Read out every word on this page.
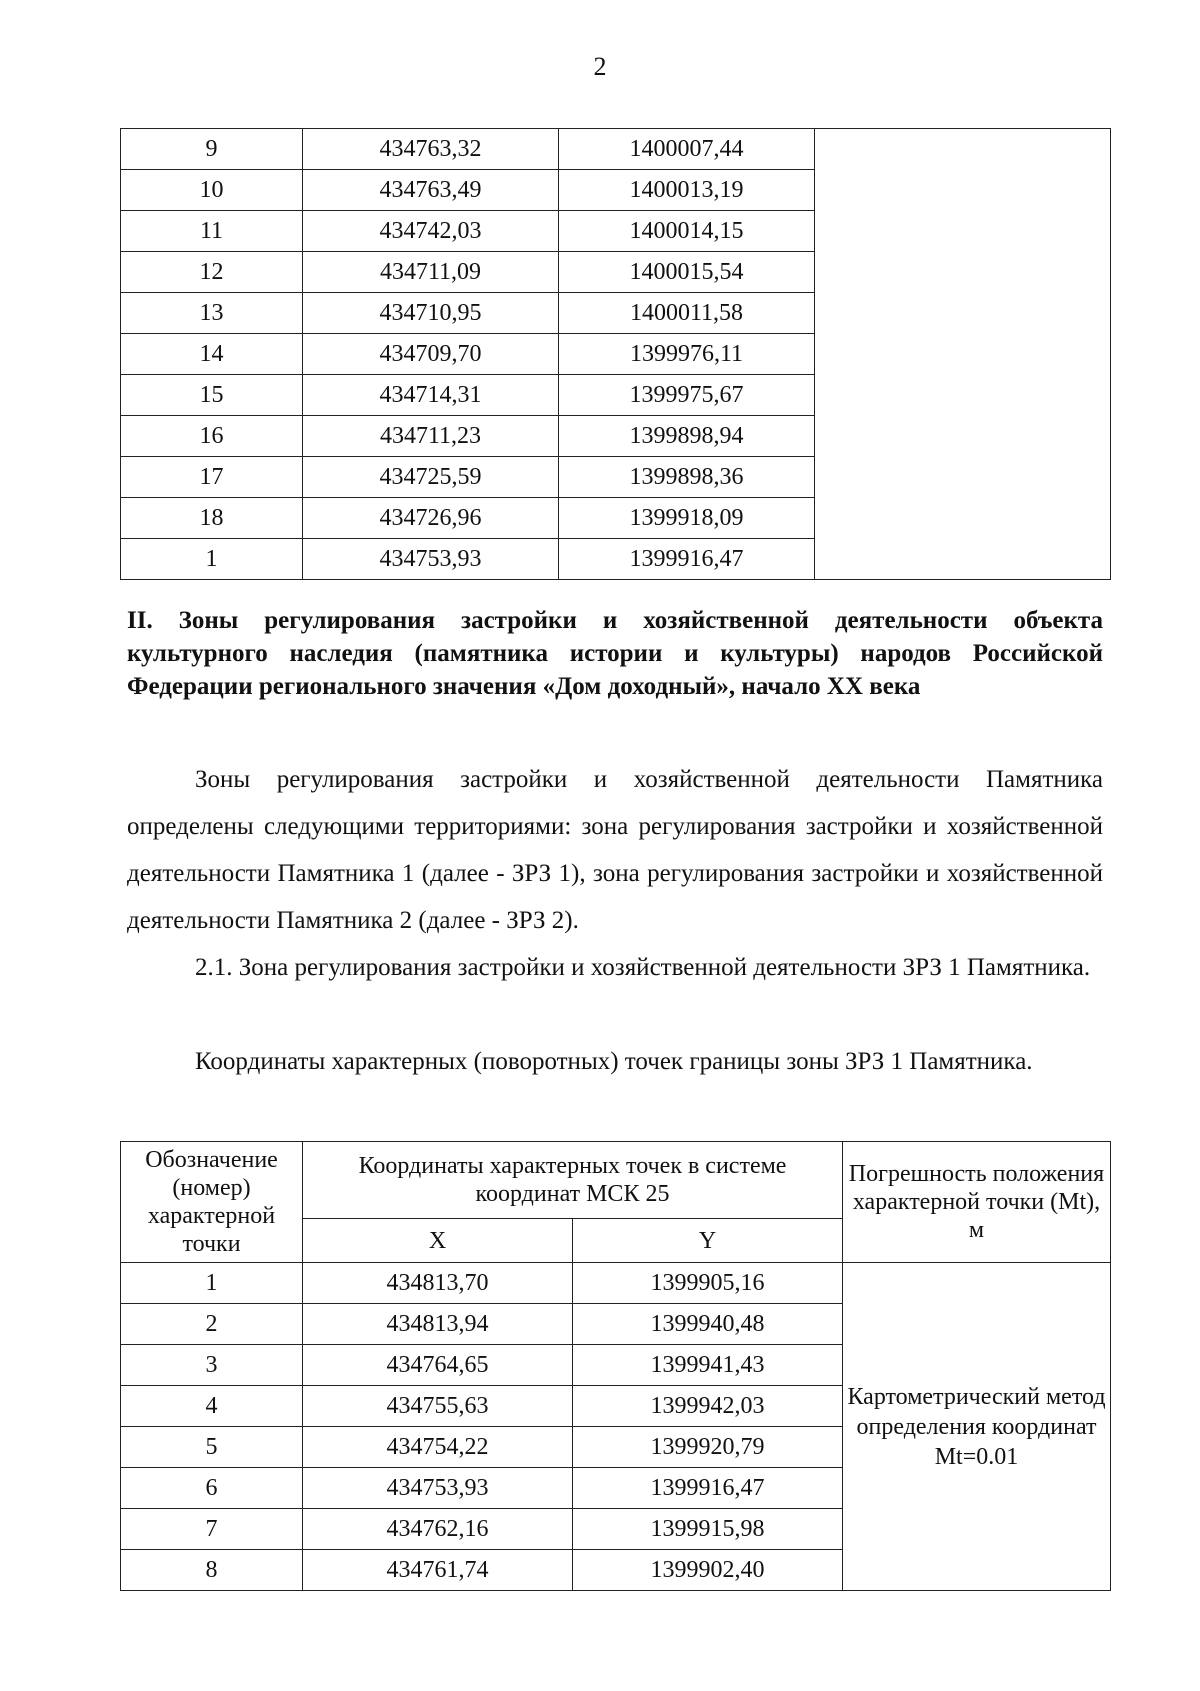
2
9	434763,32	1400007,44	
10	434763,49	1400013,19	
11	434742,03	1400014,15	
12	434711,09	1400015,54	
13	434710,95	1400011,58	
14	434709,70	1399976,11	
15	434714,31	1399975,67	
16	434711,23	1399898,94	
17	434725,59	1399898,36	
18	434726,96	1399918,09	
1	434753,93	1399916,47	
II. Зоны регулирования застройки и хозяйственной деятельности объекта культурного наследия (памятника истории и культуры) народов Российской Федерации регионального значения «Дом доходный», начало XX века

Зоны регулирования застройки и хозяйственной деятельности Памятника определены следующими территориями: зона регулирования застройки и хозяйственной деятельности Памятника 1 (далее - ЗРЗ 1), зона регулирования застройки и хозяйственной деятельности Памятника 2 (далее - ЗРЗ 2).

2.1. Зона регулирования застройки и хозяйственной деятельности ЗРЗ 1 Памятника.

Координаты характерных (поворотных) точек границы зоны ЗРЗ 1 Памятника.

Обозначение (номер) характерной точки	Координаты характерных точек в системе координат МСК 25		Погрешность положения характерной точки (Mt), м
	X	Y	
1	434813,70	1399905,16	Картометрический метод определения координат Mt=0.01
2	434813,94	1399940,48	
3	434764,65	1399941,43	
4	434755,63	1399942,03	
5	434754,22	1399920,79	
6	434753,93	1399916,47	
7	434762,16	1399915,98	
8	434761,74	1399902,40	
